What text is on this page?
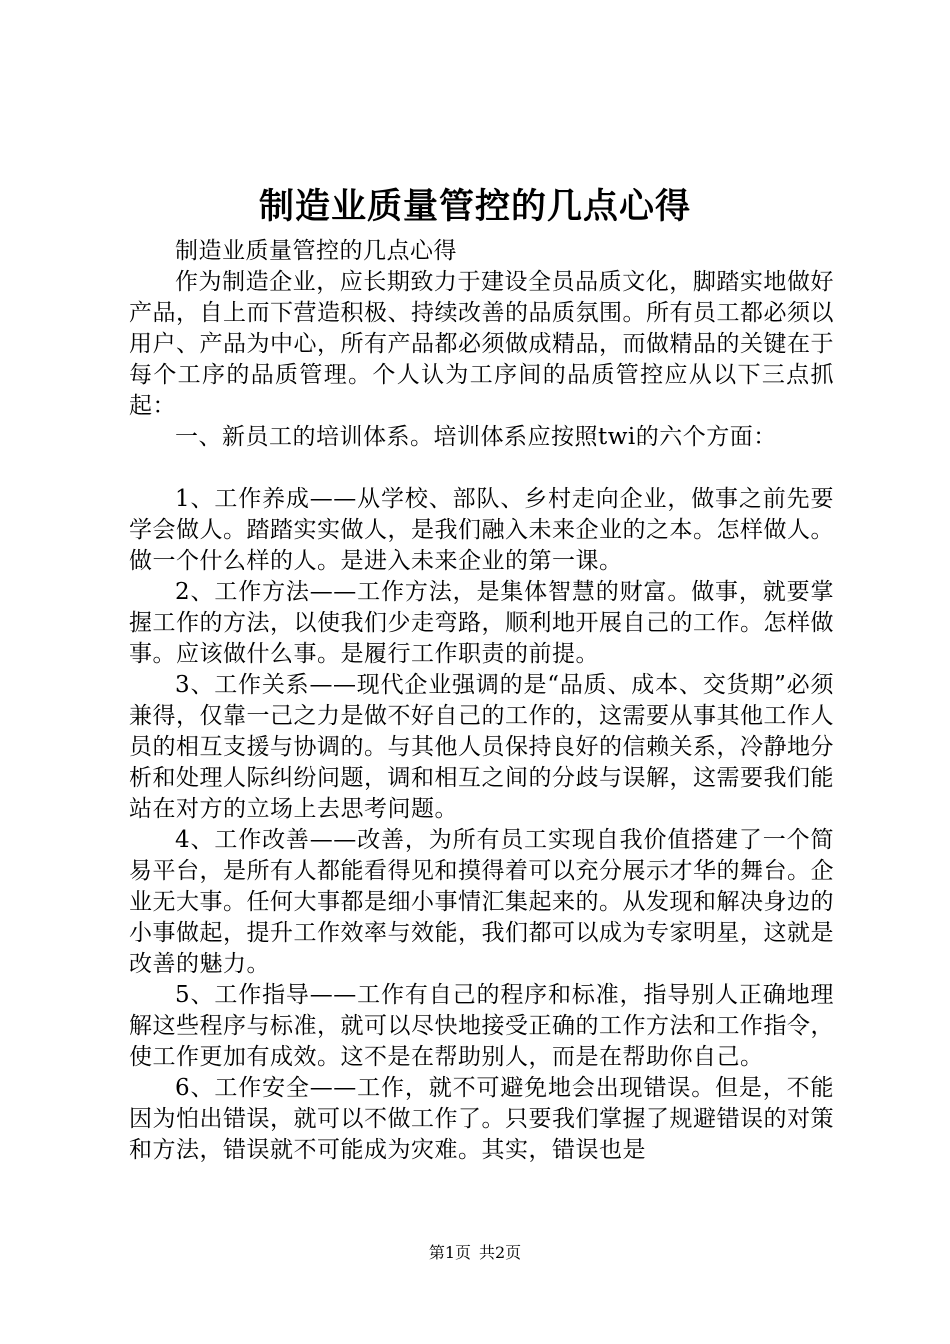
制造业质量管控的几点心得

制造业质量管控的几点心得

作为制造企业，应长期致力于建设全员品质文化，脚踏实地做好产品，自上而下营造积极、持续改善的品质氛围。所有员工都必须以用户、产品为中心，所有产品都必须做成精品，而做精品的关键在于每个工序的品质管理。个人认为工序间的品质管控应从以下三点抓起：

一、新员工的培训体系。培训体系应按照twi的六个方面：

1、工作养成——从学校、部队、乡村走向企业，做事之前先要学会做人。踏踏实实做人，是我们融入未来企业的之本。怎样做人。做一个什么样的人。是进入未来企业的第一课。

2、工作方法——工作方法，是集体智慧的财富。做事，就要掌握工作的方法，以使我们少走弯路，顺利地开展自己的工作。怎样做事。应该做什么事。是履行工作职责的前提。

3、工作关系——现代企业强调的是“品质、成本、交货期”必须兼得，仅靠一己之力是做不好自己的工作的，这需要从事其他工作人员的相互支援与协调的。与其他人员保持良好的信赖关系，冷静地分析和处理人际纠纷问题，调和相互之间的分歧与误解，这需要我们能站在对方的立场上去思考问题。

4、工作改善——改善，为所有员工实现自我价值搭建了一个简易平台，是所有人都能看得见和摸得着可以充分展示才华的舞台。企业无大事。任何大事都是细小事情汇集起来的。从发现和解决身边的小事做起，提升工作效率与效能，我们都可以成为专家明星，这就是改善的魅力。

5、工作指导——工作有自己的程序和标准，指导别人正确地理解这些程序与标准，就可以尽快地接受正确的工作方法和工作指令，使工作更加有成效。这不是在帮助别人，而是在帮助你自己。

6、工作安全——工作，就不可避免地会出现错误。但是，不能因为怕出错误，就可以不做工作了。只要我们掌握了规避错误的对策和方法，错误就不可能成为灾难。其实，错误也是

第1页 共2页
